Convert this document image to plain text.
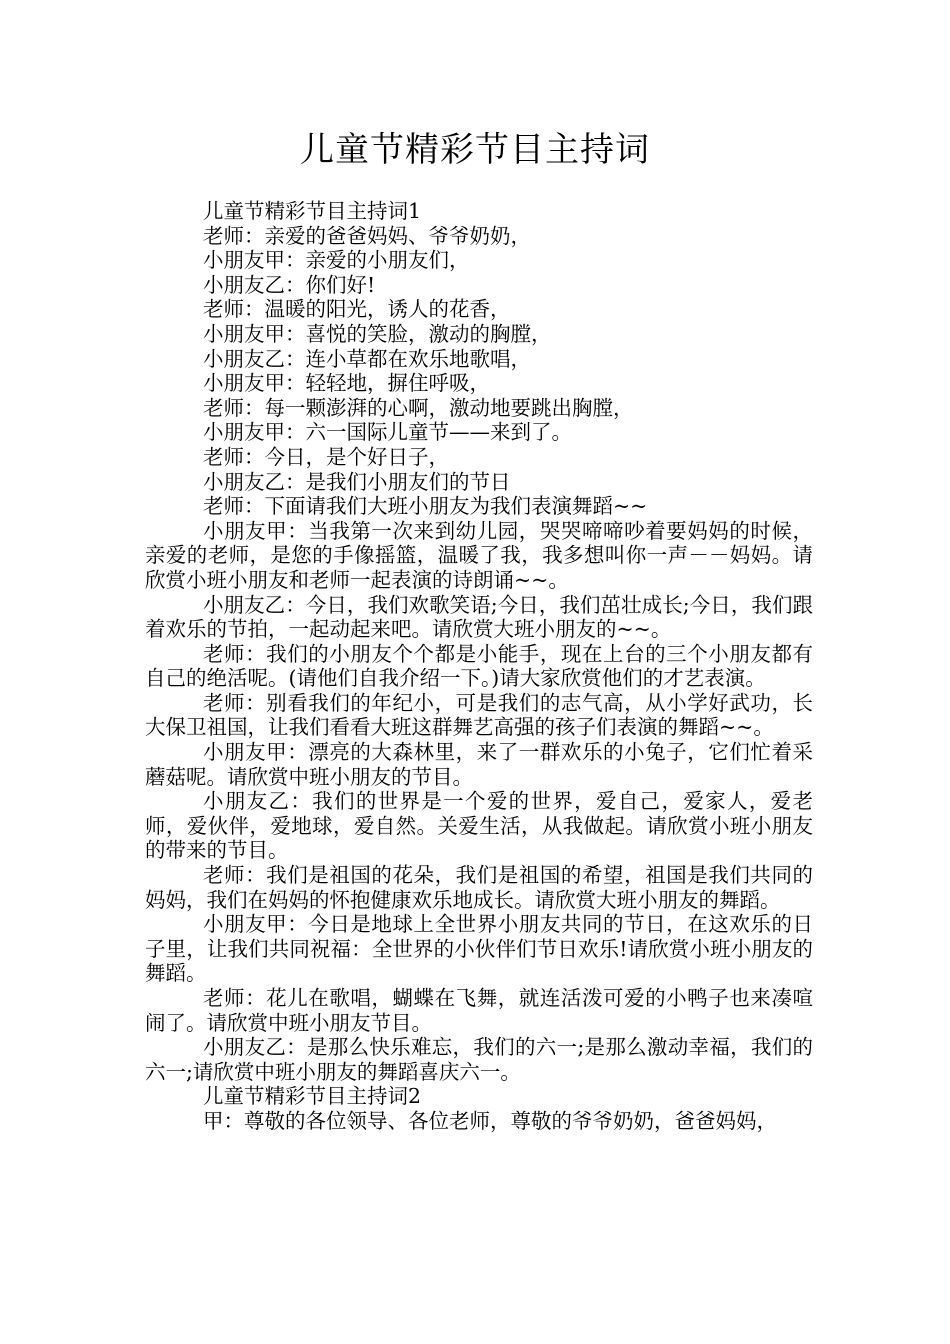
儿童节精彩节目主持词

儿童节精彩节目主持词1

老师：亲爱的爸爸妈妈、爷爷奶奶，

小朋友甲：亲爱的小朋友们，

小朋友乙：你们好!

老师：温暖的阳光，诱人的花香，

小朋友甲：喜悦的笑脸，激动的胸膛，

小朋友乙：连小草都在欢乐地歌唱，

小朋友甲：轻轻地，摒住呼吸，

老师：每一颗澎湃的心啊，激动地要跳出胸膛，

小朋友甲：六一国际儿童节——来到了。

老师：今日，是个好日子，

小朋友乙：是我们小朋友们的节日

老师：下面请我们大班小朋友为我们表演舞蹈~~

小朋友甲：当我第一次来到幼儿园，哭哭啼啼吵着要妈妈的时候，亲爱的老师，是您的手像摇篮，温暖了我，我多想叫你一声－－妈妈。请欣赏小班小朋友和老师一起表演的诗朗诵~~。

小朋友乙：今日，我们欢歌笑语;今日，我们茁壮成长;今日，我们跟着欢乐的节拍，一起动起来吧。请欣赏大班小朋友的~~。

老师：我们的小朋友个个都是小能手，现在上台的三个小朋友都有自己的绝活呢。(请他们自我介绍一下。)请大家欣赏他们的才艺表演。

老师：别看我们的年纪小，可是我们的志气高，从小学好武功，长大保卫祖国，让我们看看大班这群舞艺高强的孩子们表演的舞蹈~~。

小朋友甲：漂亮的大森林里，来了一群欢乐的小兔子，它们忙着采蘑菇呢。请欣赏中班小朋友的节目。

小朋友乙：我们的世界是一个爱的世界，爱自己，爱家人，爱老师，爱伙伴，爱地球，爱自然。关爱生活，从我做起。请欣赏小班小朋友的带来的节目。

老师：我们是祖国的花朵，我们是祖国的希望，祖国是我们共同的妈妈，我们在妈妈的怀抱健康欢乐地成长。请欣赏大班小朋友的舞蹈。

小朋友甲：今日是地球上全世界小朋友共同的节日，在这欢乐的日子里，让我们共同祝福：全世界的小伙伴们节日欢乐!请欣赏小班小朋友的舞蹈。

老师：花儿在歌唱，蝴蝶在飞舞，就连活泼可爱的小鸭子也来凑喧闹了。请欣赏中班小朋友节目。

小朋友乙：是那么快乐难忘，我们的六一;是那么激动幸福，我们的六一;请欣赏中班小朋友的舞蹈喜庆六一。

儿童节精彩节目主持词2

甲：尊敬的各位领导、各位老师，尊敬的爷爷奶奶，爸爸妈妈，
